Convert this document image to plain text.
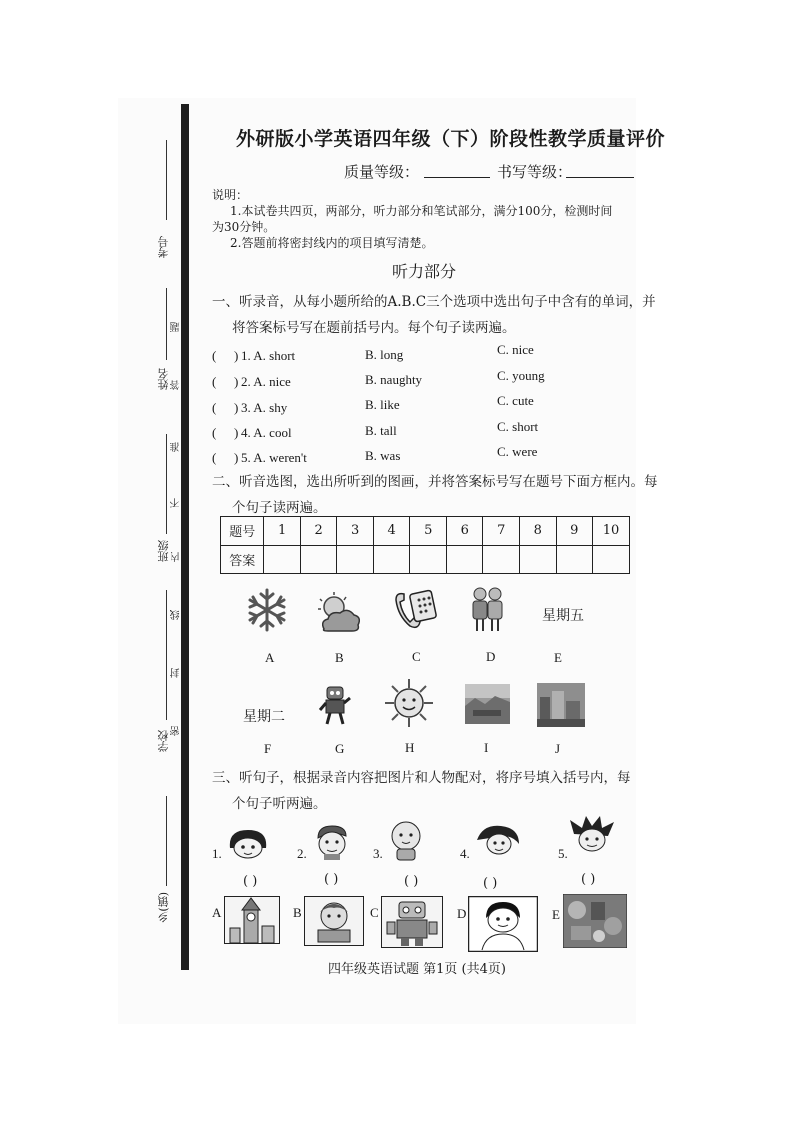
考号
姓名
班级
学校
乡(镇)
题
答
准
不
内
线
封
密
外研版小学英语四年级（下）阶段性教学质量评价
质量等级：	书写等级：
说明：
1.本试卷共四页，两部分，听力部分和笔试部分，满分100分，检测时间
为30分钟。
2.答题前将密封线内的项目填写清楚。
听力部分
一、听录音，从每小题所给的A.B.C三个选项中选出句子中含有的单词，并
将答案标号写在题前括号内。每个句子读两遍。
( ) 1. A. short	B. long	C. nice
( ) 2. A. nice	B. naughty	C. young
( ) 3. A. shy	B. like	C. cute
( ) 4. A. cool	B. tall	C. short
( ) 5. A. weren't	B. was	C. were
二、听音选图，选出所听到的图画，并将答案标号写在题号下面方框内。每
个句子读两遍。
题号	1	2	3	4	5	6	7	8	9	10
答案										
星期五
A	B	C	D	E
星期二
F	G	H	I	J
三、听句子，根据录音内容把图片和人物配对，将序号填入括号内，每
个句子听两遍。
1.	2.	3.	4.	5.
( )	( )	( )	( )	( )
A	B	C	D	E
四年级英语试题 第1页 (共4页)
